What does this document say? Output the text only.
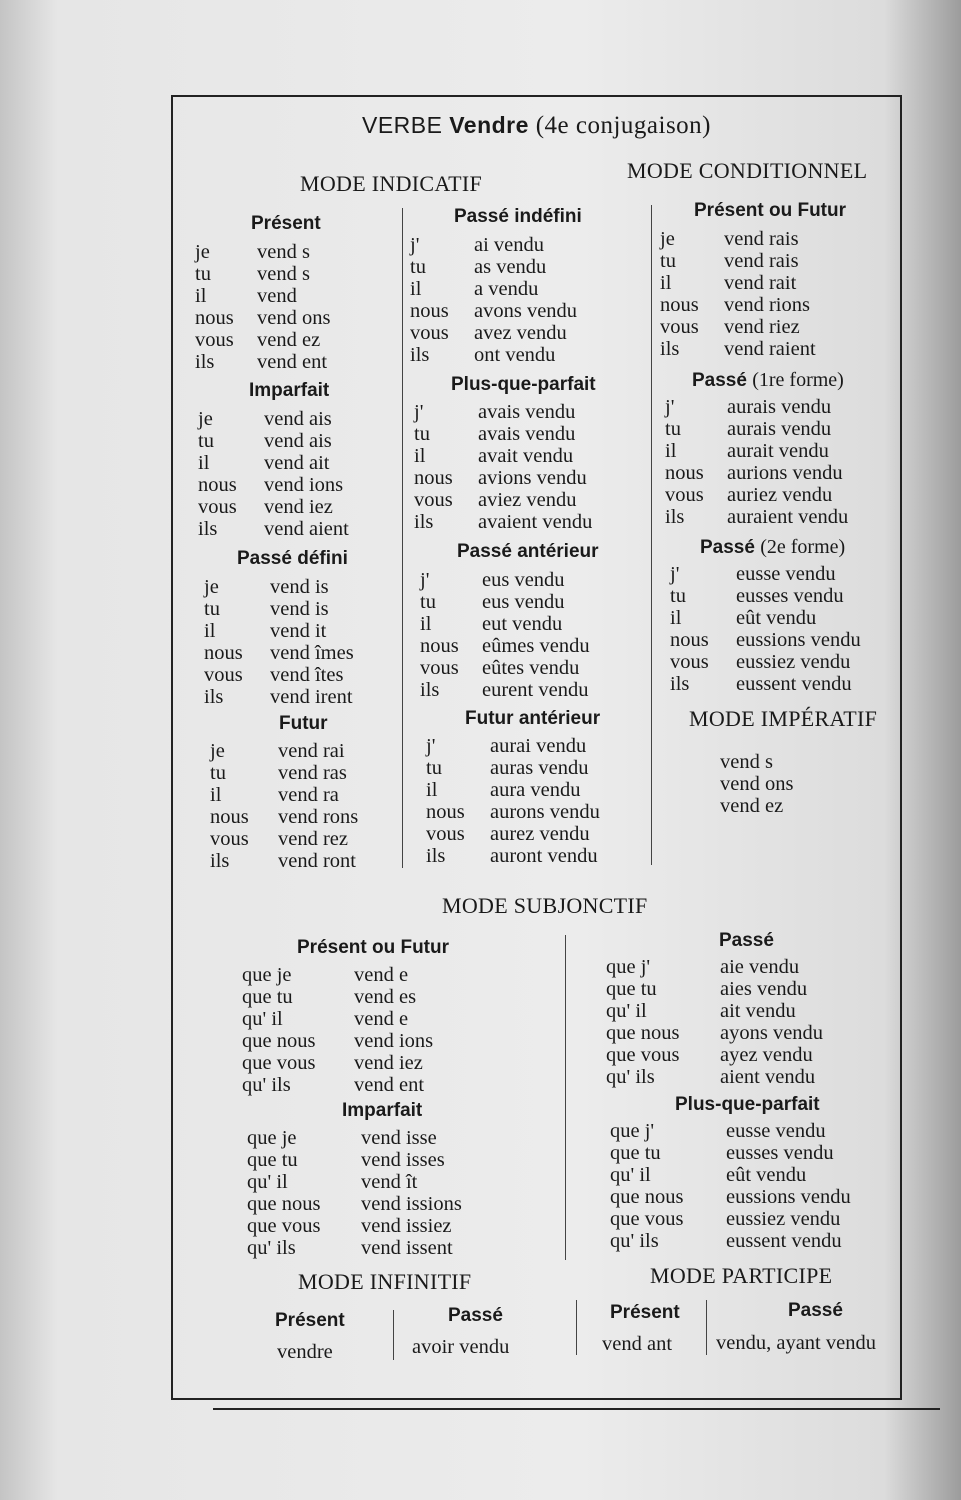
VERBE Vendre (4e conjugaison)
MODE INDICATIF
MODE CONDITIONNEL
MODE IMPÉRATIF
MODE SUBJONCTIF
MODE INFINITIF	MODE PARTICIPE
Présent
je	vend s
tu	vend s
il	vend
nous	vend ons
vous	vend ez
ils	vend ent
Imparfait
je	vend ais
tu	vend ais
il	vend ait
nous	vend ions
vous	vend iez
ils	vend aient
Passé défini
je	vend is
tu	vend is
il	vend it
nous	vend îmes
vous	vend îtes
ils	vend irent
Futur
je	vend rai
tu	vend ras
il	vend ra
nous	vend rons
vous	vend rez
ils	vend ront
Passé indéfini
j'	ai vendu
tu	as vendu
il	a vendu
nous	avons vendu
vous	avez vendu
ils	ont vendu
Plus-que-parfait
j'	avais vendu
tu	avais vendu
il	avait vendu
nous	avions vendu
vous	aviez vendu
ils	avaient vendu
Passé antérieur
j'	eus vendu
tu	eus vendu
il	eut vendu
nous	eûmes vendu
vous	eûtes vendu
ils	eurent vendu
Futur antérieur
j'	aurai vendu
tu	auras vendu
il	aura vendu
nous	aurons vendu
vous	aurez vendu
ils	auront vendu
Présent ou Futur
je	vend rais
tu	vend rais
il	vend rait
nous	vend rions
vous	vend riez
ils	vend raient
Passé (1re forme)
j'	aurais vendu
tu	aurais vendu
il	aurait vendu
nous	aurions vendu
vous	auriez vendu
ils	auraient vendu
Passé (2e forme)
j'	eusse vendu
tu	eusses vendu
il	eût vendu
nous	eussions vendu
vous	eussiez vendu
ils	eussent vendu
vend s
vend ons
vend ez
Présent ou Futur
que je	vend e
que tu	vend es
qu' il	vend e
que nous	vend ions
que vous	vend iez
qu' ils	vend ent
Imparfait
que je	vend isse
que tu	vend isses
qu' il	vend ît
que nous	vend issions
que vous	vend issiez
qu' ils	vend issent
Passé
que j'	aie vendu
que tu	aies vendu
qu' il	ait vendu
que nous	ayons vendu
que vous	ayez vendu
qu' ils	aient vendu
Plus-que-parfait
que j'	eusse vendu
que tu	eusses vendu
qu' il	eût vendu
que nous	eussions vendu
que vous	eussiez vendu
qu' ils	eussent vendu
Présent
vendre
Passé
avoir vendu
Présent
vend ant
Passé
vendu, ayant vendu
